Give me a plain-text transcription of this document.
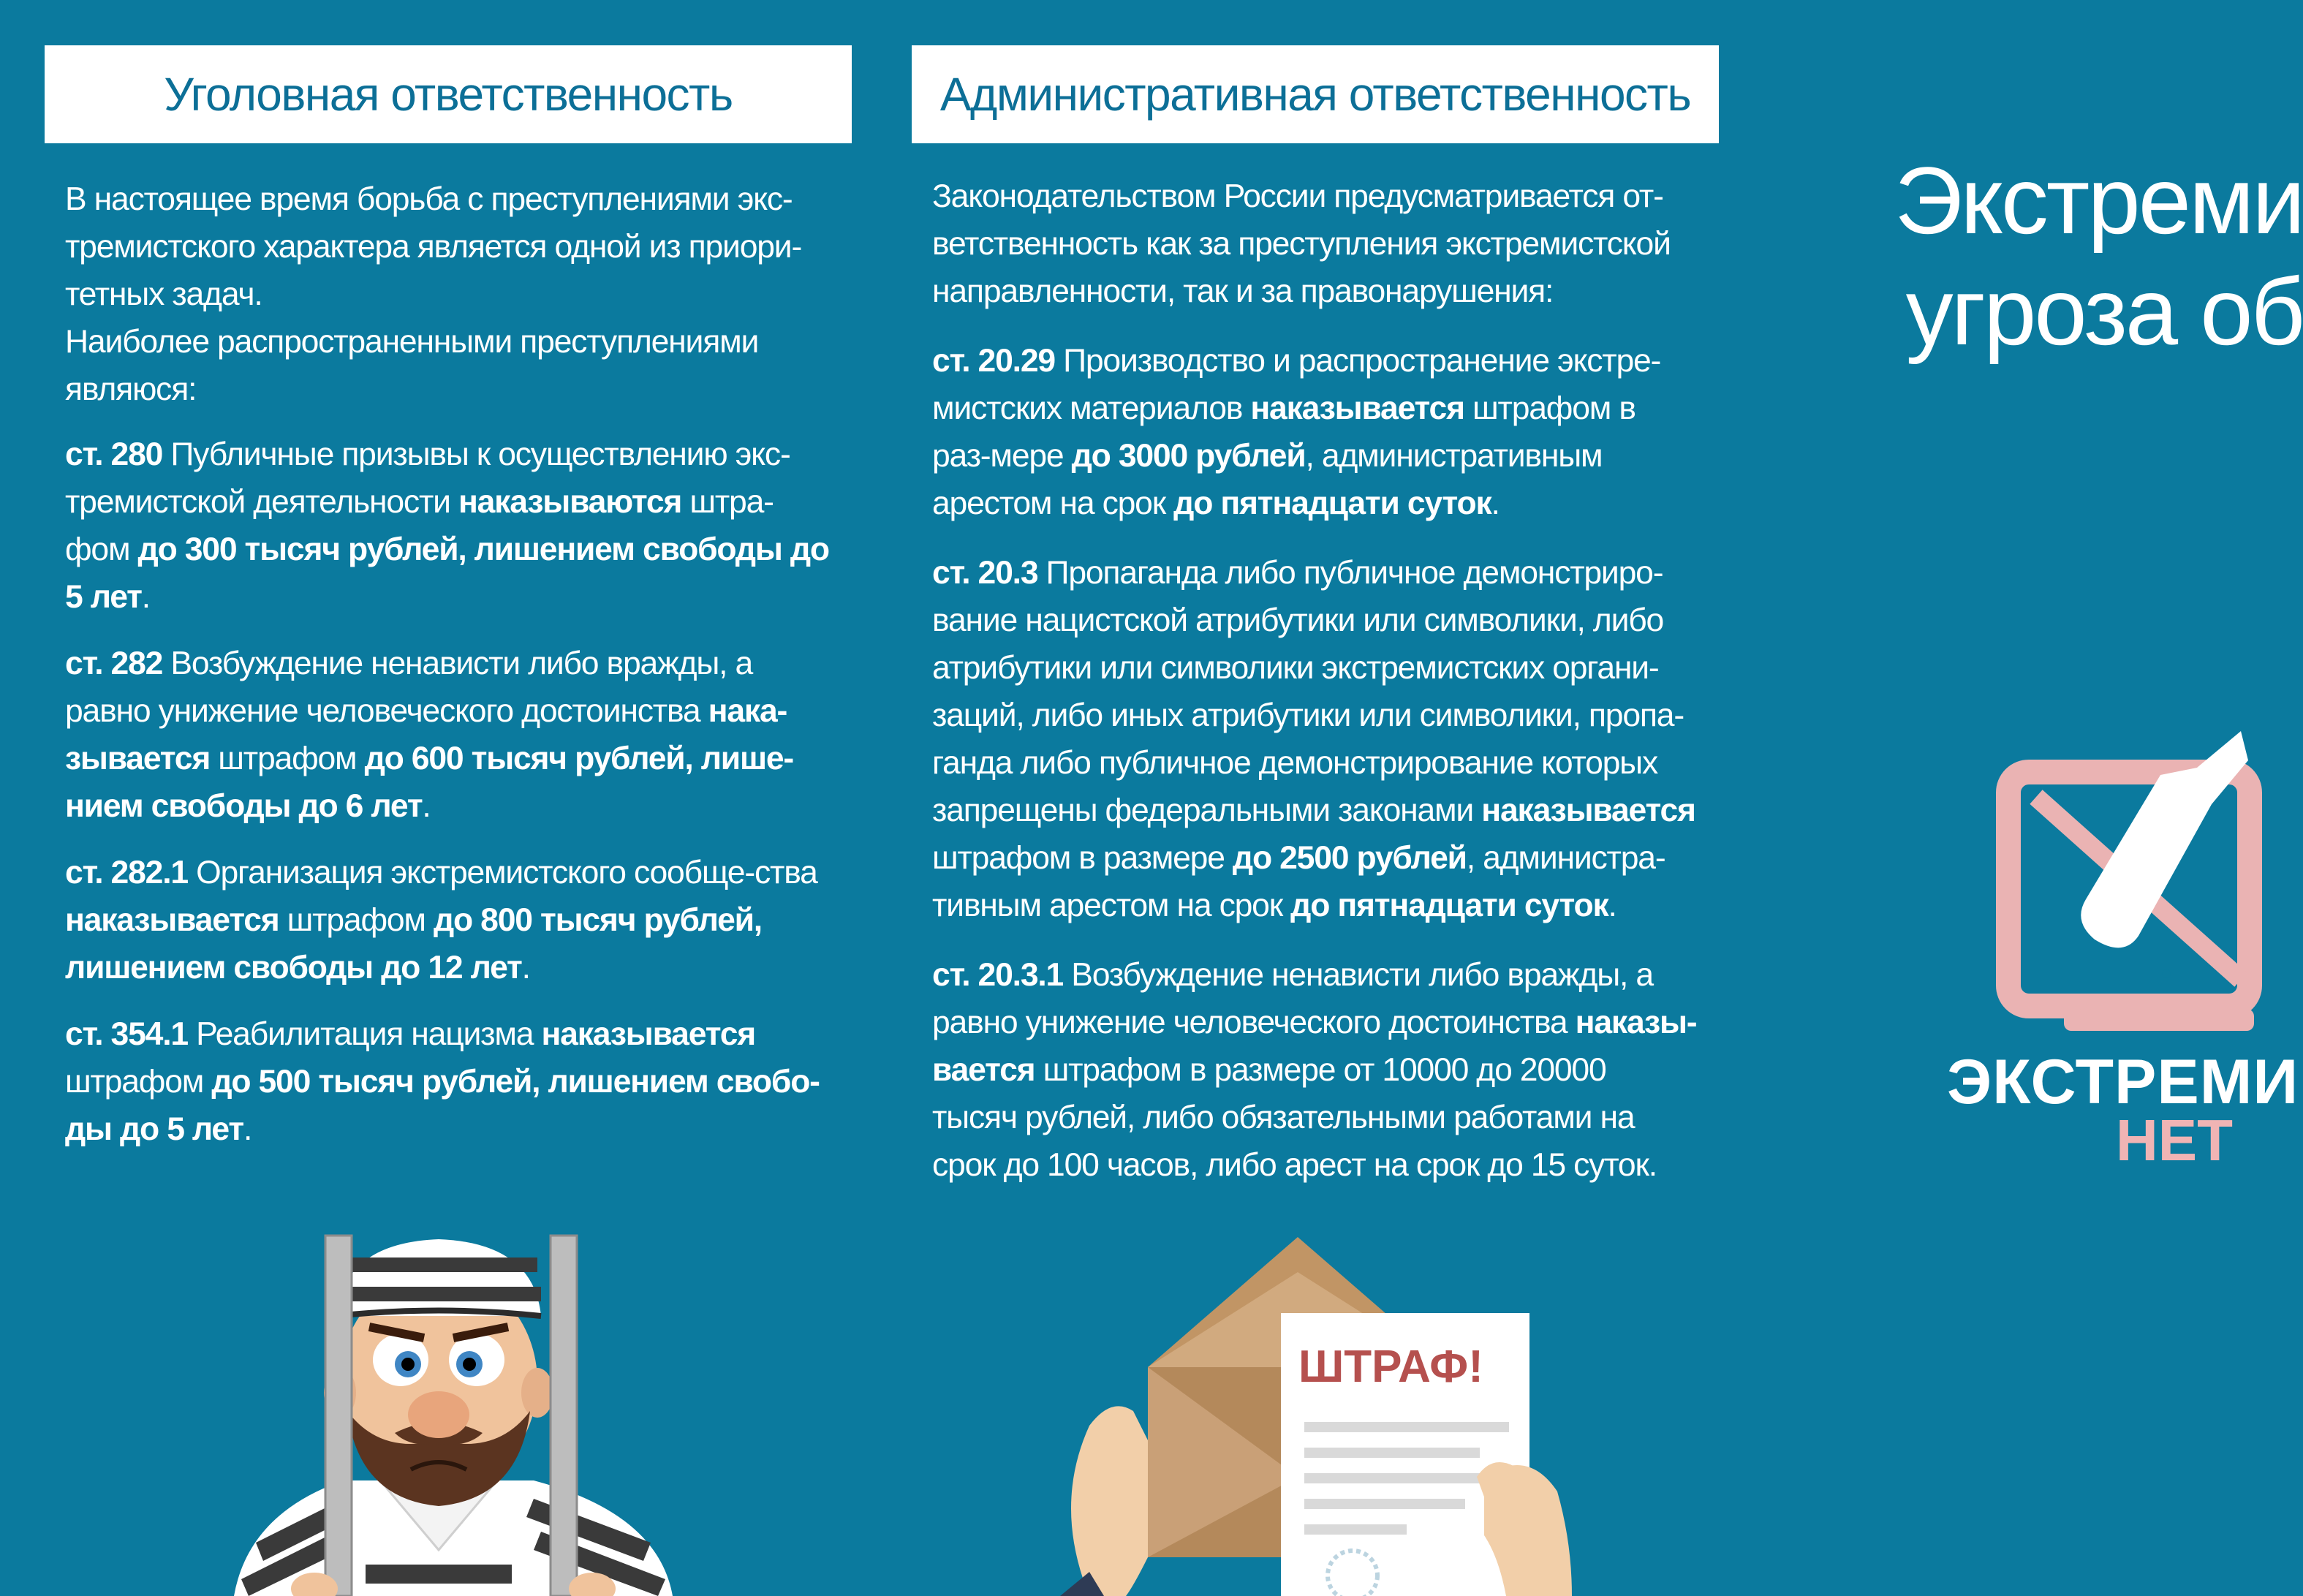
Уголовная ответственность

В настоящее время борьба с преступлениями экс-тремистского характера является одной из приори-тетных задач.

Наиболее распространенными преступлениями являюся:

ст. 280 Публичные призывы к осуществлению экс-тремистской деятельности наказываются штра-фом до 300 тысяч рублей, лишением свободы до 5 лет.

ст. 282 Возбуждение ненависти либо вражды, а равно унижение человеческого достоинства нака-зывается штрафом до 600 тысяч рублей, лише-нием свободы до 6 лет.

ст. 282.1 Организация экстремистского сообще-ства наказывается штрафом до 800 тысяч рублей, лишением свободы до 12 лет.

ст. 354.1 Реабилитация нацизма наказывается штрафом до 500 тысяч рублей, лишением свобо-ды до 5 лет.

Административная ответственность

Законодательством России предусматривается от-ветственность как за преступления экстремистской направленности, так и за правонарушения:

ст. 20.29 Производство и распространение экстре-мистских материалов наказывается штрафом в раз-мере до 3000 рублей, административным арестом на срок до пятнадцати суток.

ст. 20.3 Пропаганда либо публичное демонстриро-вание нацистской атрибутики или символики, либо атрибутики или символики экстремистских органи-заций, либо иных атрибутики или символики, пропа-ганда либо публичное демонстрирование которых запрещены федеральными законами наказывается штрафом в размере до 2500 рублей, администра-тивным арестом на срок до пятнадцати суток.

ст. 20.3.1 Возбуждение ненависти либо вражды, а равно унижение человеческого достоинства наказы-вается штрафом в размере от 10000 до 20000 тысяч рублей, либо обязательными работами на срок до 100 часов, либо арест на срок до 15 суток.

Экстреми
угроза об
ЭКСТРЕМИ
НЕТ
ШТРАФ!
